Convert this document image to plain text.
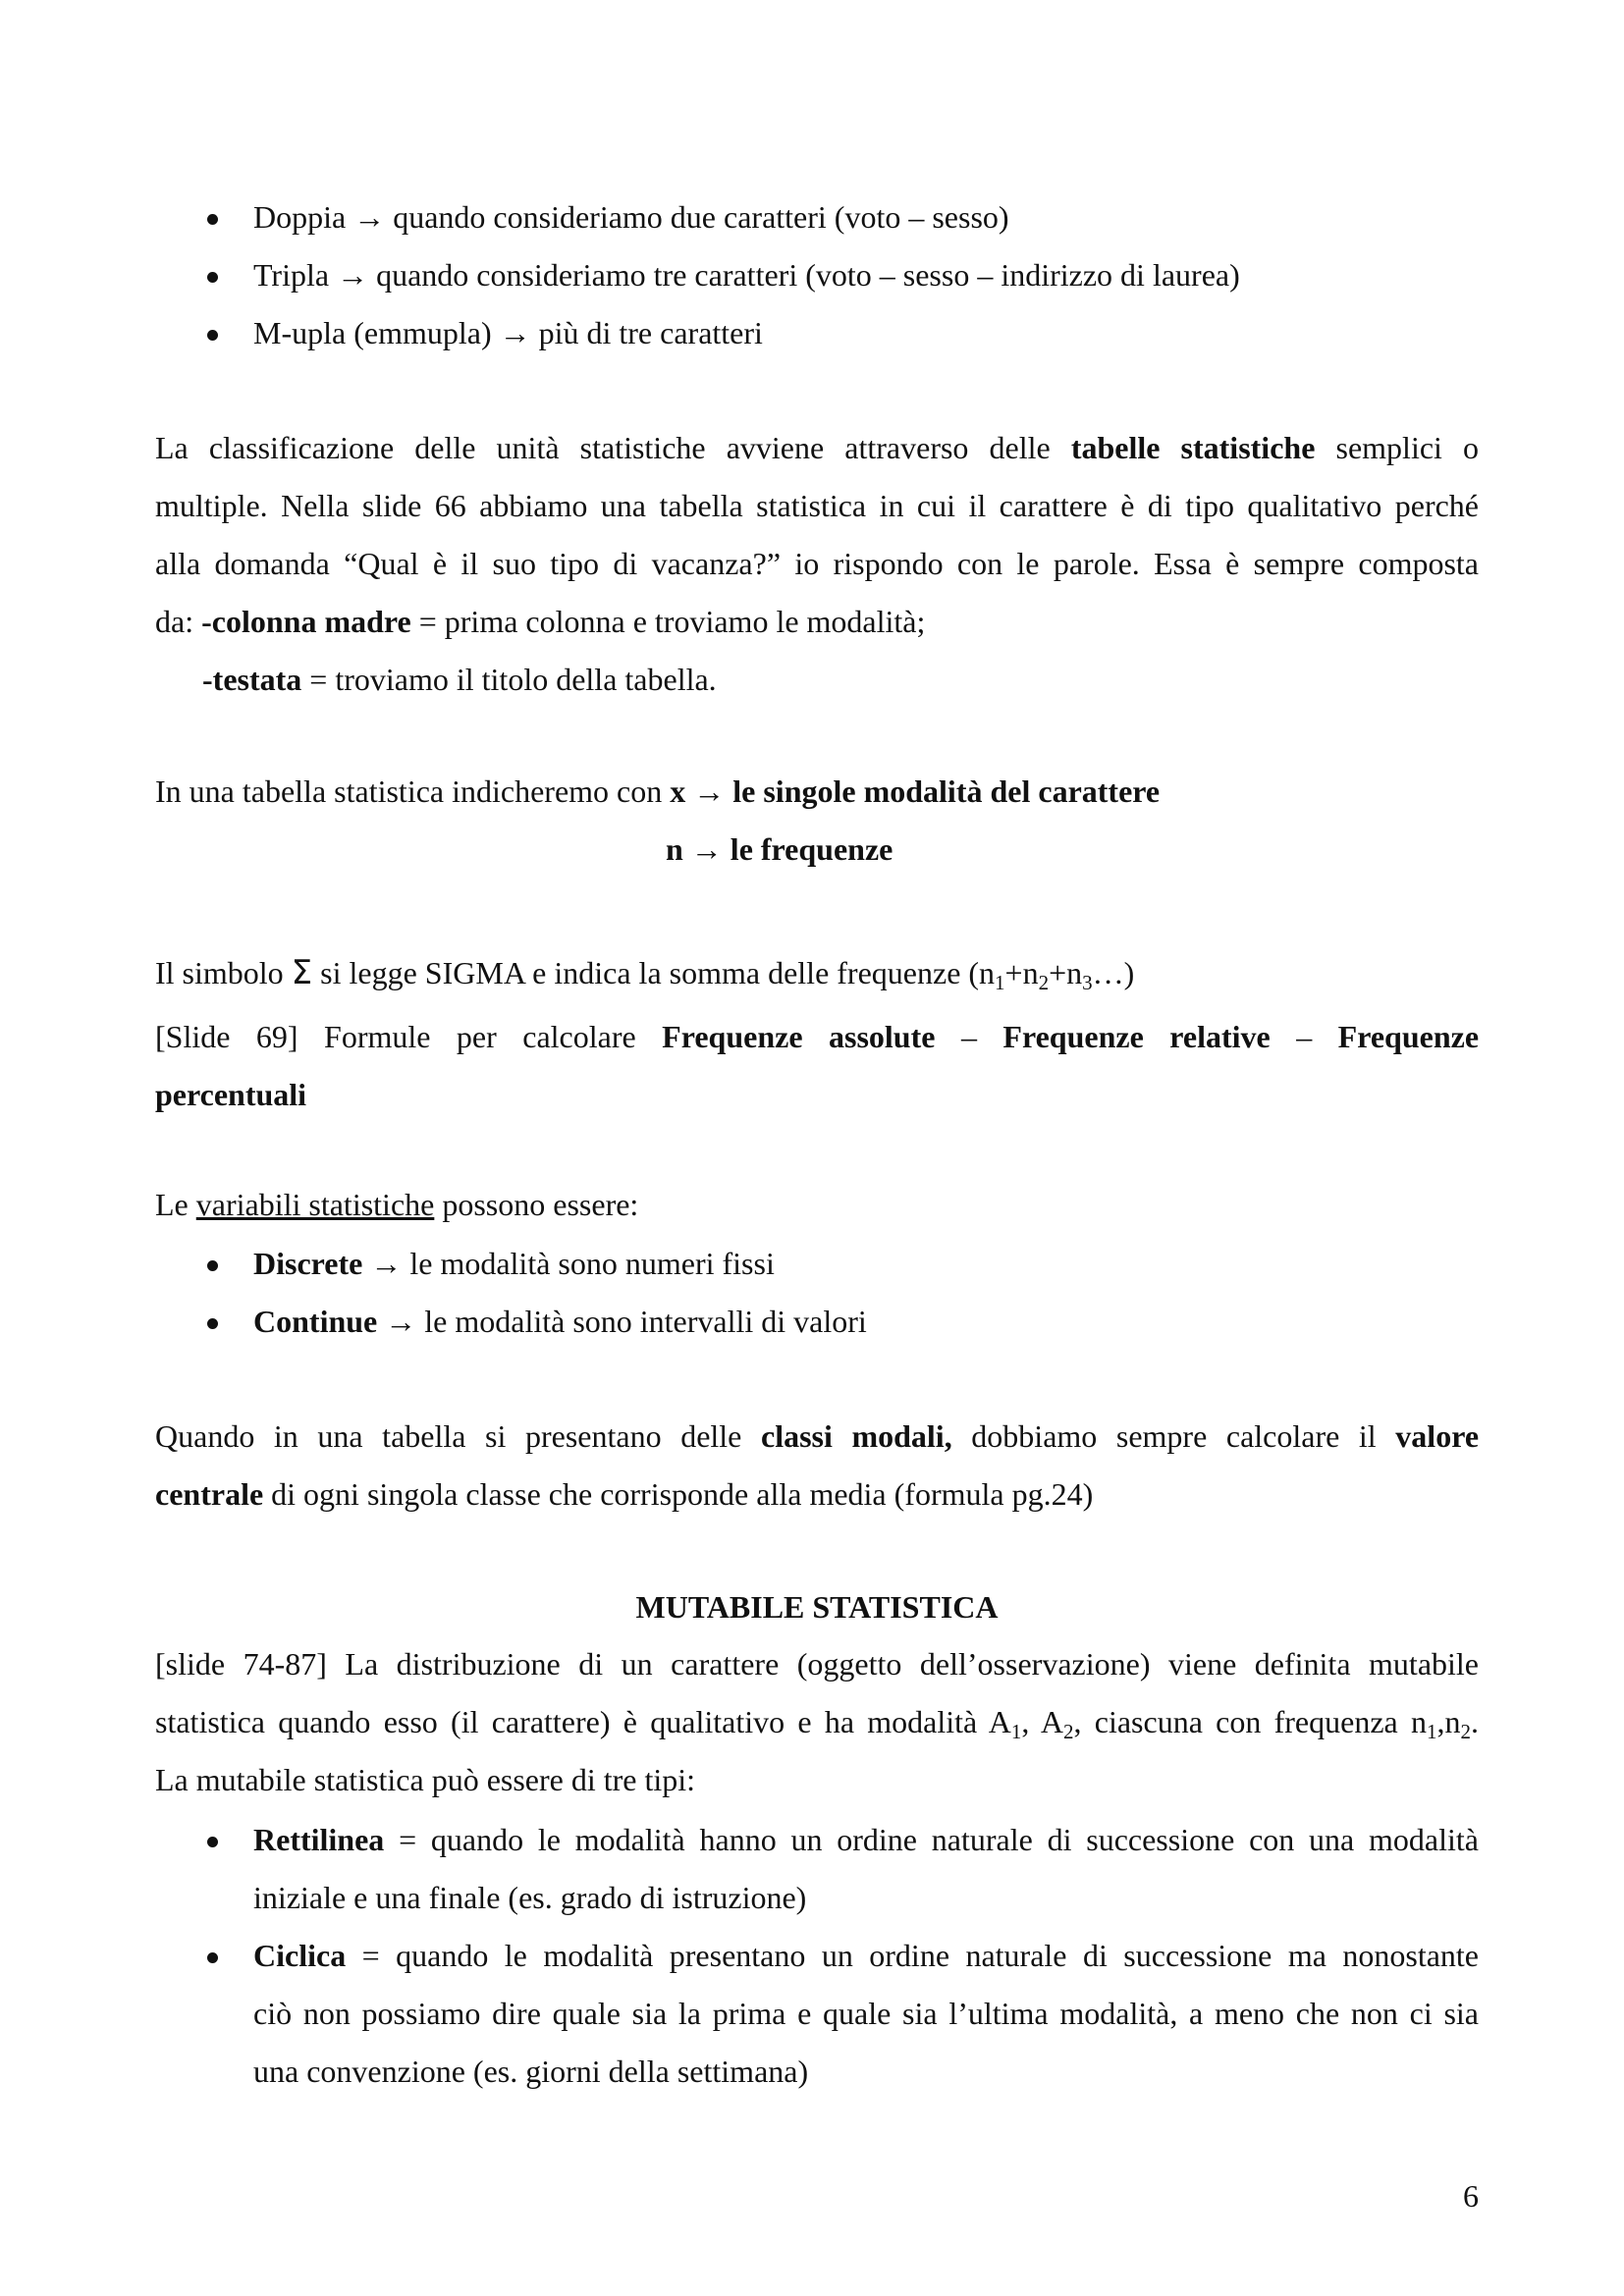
Doppia → quando consideriamo due caratteri (voto – sesso)
Tripla → quando consideriamo tre caratteri (voto – sesso – indirizzo di laurea)
M-upla (emmupla) → più di tre caratteri
La classificazione delle unità statistiche avviene attraverso delle tabelle statistiche semplici o
multiple. Nella slide 66 abbiamo una tabella statistica in cui il carattere è di tipo qualitativo perché
alla domanda “Qual è il suo tipo di vacanza?” io rispondo con le parole. Essa è sempre composta
da: -colonna madre = prima colonna e troviamo le modalità;
-testata = troviamo il titolo della tabella.
In una tabella statistica indicheremo con x → le singole modalità del carattere
n → le frequenze
Il simbolo Σ si legge SIGMA e indica la somma delle frequenze $(n_1+n_2+n_3\dots)$
[Slide 69] Formule per calcolare Frequenze assolute – Frequenze relative – Frequenze
percentuali
Le variabili statistiche possono essere:
Discrete → le modalità sono numeri fissi
Continue → le modalità sono intervalli di valori
Quando in una tabella si presentano delle classi modali, dobbiamo sempre calcolare il valore
centrale di ogni singola classe che corrisponde alla media (formula pg.24)
MUTABILE STATISTICA
[slide 74-87] La distribuzione di un carattere (oggetto dell’osservazione) viene definita mutabile
statistica quando esso (il carattere) è qualitativo e ha modalità $A_1$, $A_2$, ciascuna con frequenza $n_1,n_2$.
La mutabile statistica può essere di tre tipi:
Rettilinea = quando le modalità hanno un ordine naturale di successione con una modalità
iniziale e una finale (es. grado di istruzione)
Ciclica = quando le modalità presentano un ordine naturale di successione ma nonostante
ciò non possiamo dire quale sia la prima e quale sia l’ultima modalità, a meno che non ci sia
una convenzione (es. giorni della settimana)
6
